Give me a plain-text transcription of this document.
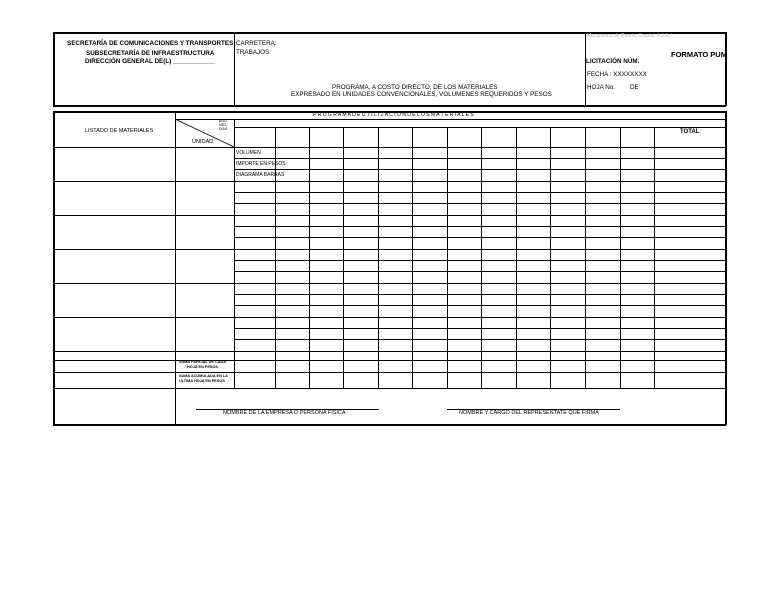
SECRETARÍA DE COMUNICACIONES Y TRANSPORTES
SUBSECRETARÍA DE INFRAESTRUCTURA
DIRECCIÓN GENERAL DE(L) ____________
CARRETERA:
TRABAJOS:
PROGRAMA, A COSTO DIRECTO, DE LOS MATERIALES
EXPRESADO EN UNIDADES CONVENCIONALES, VOLUMENES REQUERIDOS Y PESOS
Mecanismo de Pareto, Cuadal: 4.2.1
FORMATO PUM
LICITACIÓN NÚM.
FECHA : XXXXXXXX
HOJA No. DE
P R O G R A M A D E U T I L I Z A C I O N D E L O S M A T E R I A L E S
LISTADO DE MATERIALES
UNIDAD
AÑO
MES
DÍAS	TOTAL
VOLUMEN
IMPORTE EN PESOS
DIAGRAMA BARRAS
SUMA PARCIAL DE CADA
HOJA EN PESOS
SUMA ACUMULADA EN LA
ÚLTIMA HOJA EN PESOS
NOMBRE DE LA EMPRESA O PERSONA FÍSICA	NOMBRE Y CARGO DEL REPRESENTATE QUE FIRMA
